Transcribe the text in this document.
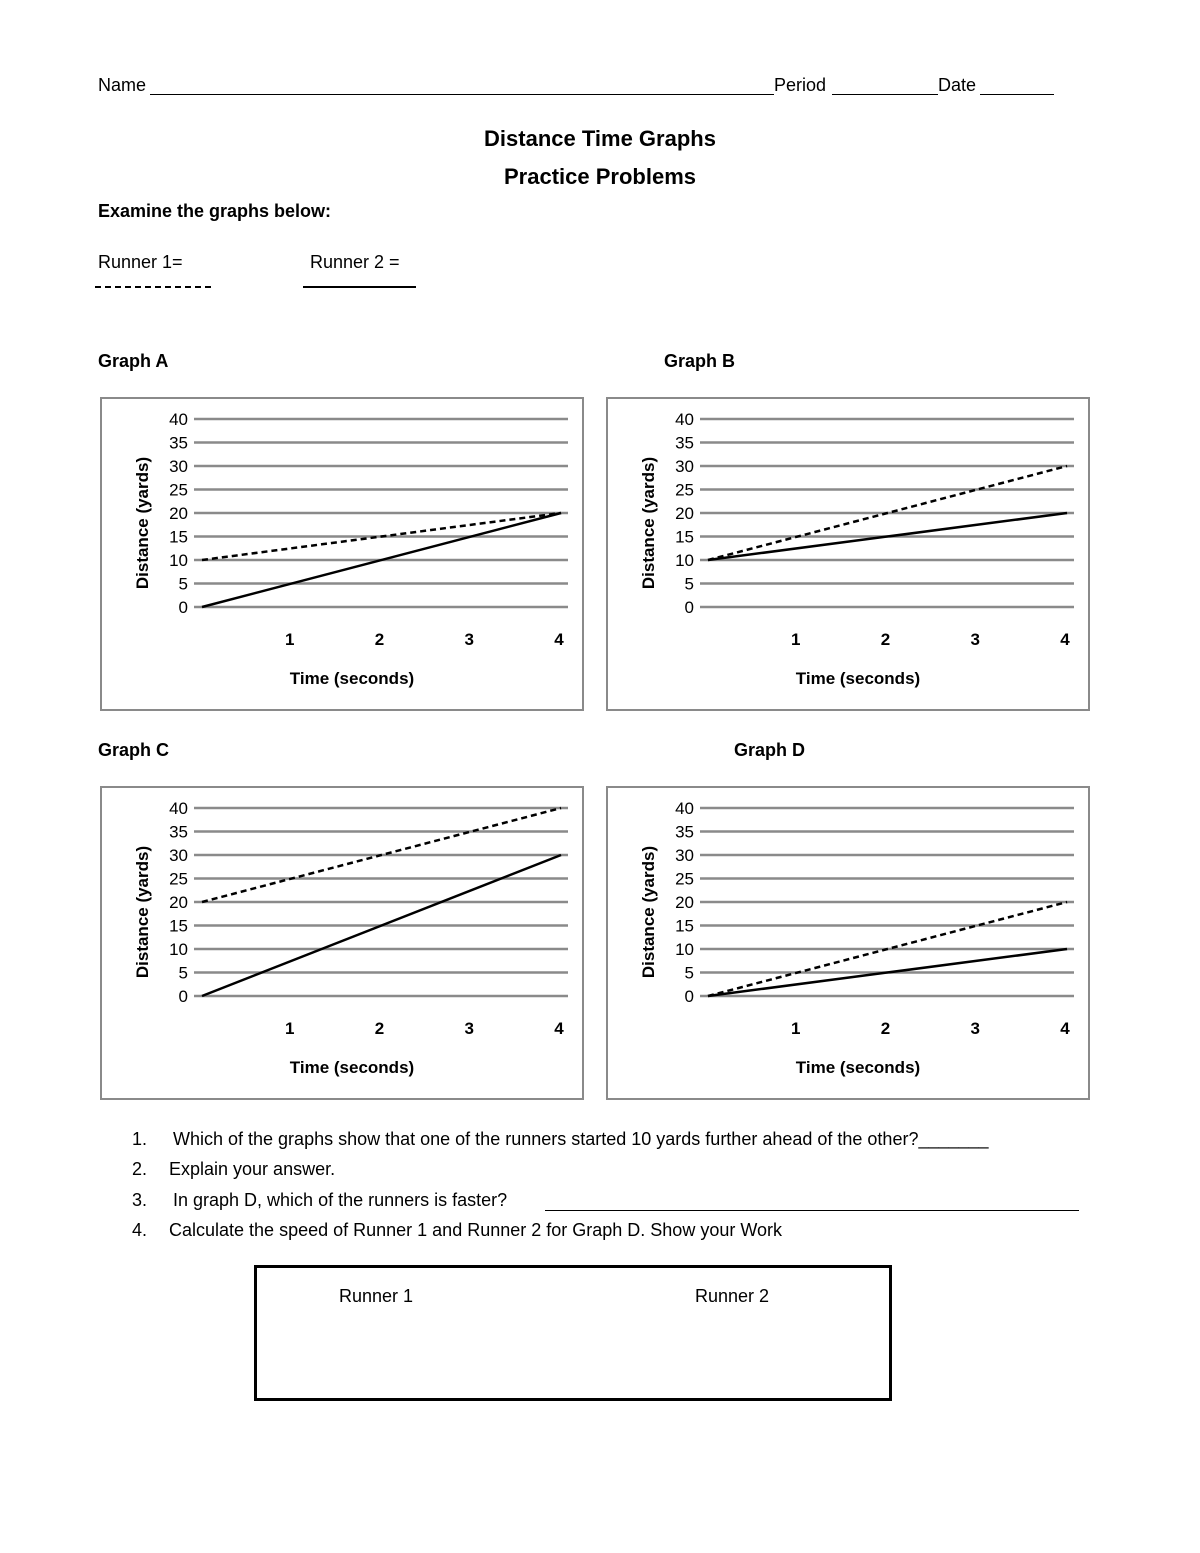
Name	Period	Date
Distance Time Graphs
Practice Problems
Examine the graphs below:
Runner 1=	Runner 2 =
Graph A	Graph B
Graph C	Graph D
0
5
10
15
20
25
30
35
40
1	2	3	4
Time (seconds)
Distance (yards)
0
5
10
15
20
25
30
35
40
1	2	3	4
Time (seconds)
Distance (yards)
0
5
10
15
20
25
30
35
40
1	2	3	4
Time (seconds)
Distance (yards)
0
5
10
15
20
25
30
35
40
1	2	3	4
Time (seconds)
Distance (yards)
1.	Which of the graphs show that one of the runners started 10 yards further ahead of the other?_______
2.	Explain your answer.
3.	In graph D, which of the runners is faster?
4.	Calculate the speed of Runner 1 and Runner 2 for Graph D. Show your Work
Runner 1	Runner 2
